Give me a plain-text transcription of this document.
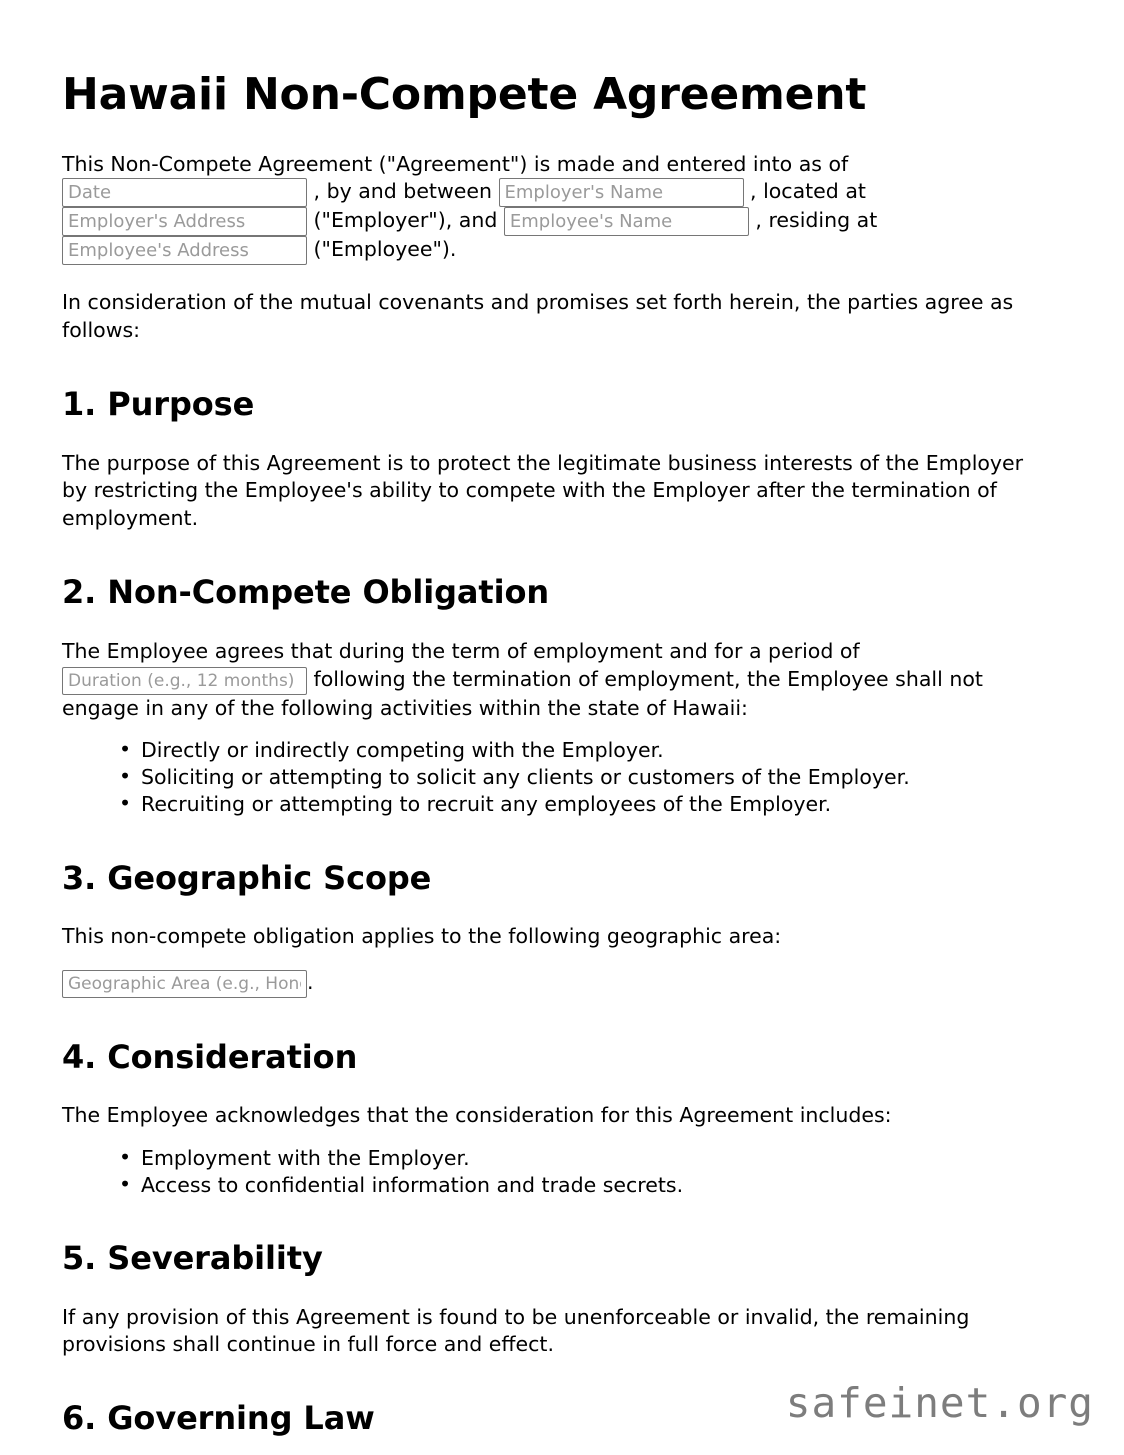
Hawaii Non-Compete Agreement

This Non-Compete Agreement ("Agreement") is made and entered into as of

Date , by and between Employer's Name	, located at
Employer's Address ("Employer"), and Employee's Name	, residing at
Employee's Address ("Employee").

In consideration of the mutual covenants and promises set forth herein, the parties agree as follows:

1. Purpose

The purpose of this Agreement is to protect the legitimate business interests of the Employer by restricting the Employee's ability to compete with the Employer after the termination of employment.

2. Non-Compete Obligation

The Employee agrees that during the term of employment and for a period of

Duration (e.g., 12 months) following the termination of employment, the Employee shall not engage in any of the following activities within the state of Hawaii:

• Directly or indirectly competing with the Employer.
• Soliciting or attempting to solicit any clients or customers of the Employer.
• Recruiting or attempting to recruit any employees of the Employer.
3. Geographic Scope

This non-compete obligation applies to the following geographic area:

Geographic Area (e.g., Honolulu County).

4. Consideration

The Employee acknowledges that the consideration for this Agreement includes:

• Employment with the Employer.
• Access to confidential information and trade secrets.
5. Severability

If any provision of this Agreement is found to be unenforceable or invalid, the remaining provisions shall continue in full force and effect.

6. Governing Law	safeinet.org
